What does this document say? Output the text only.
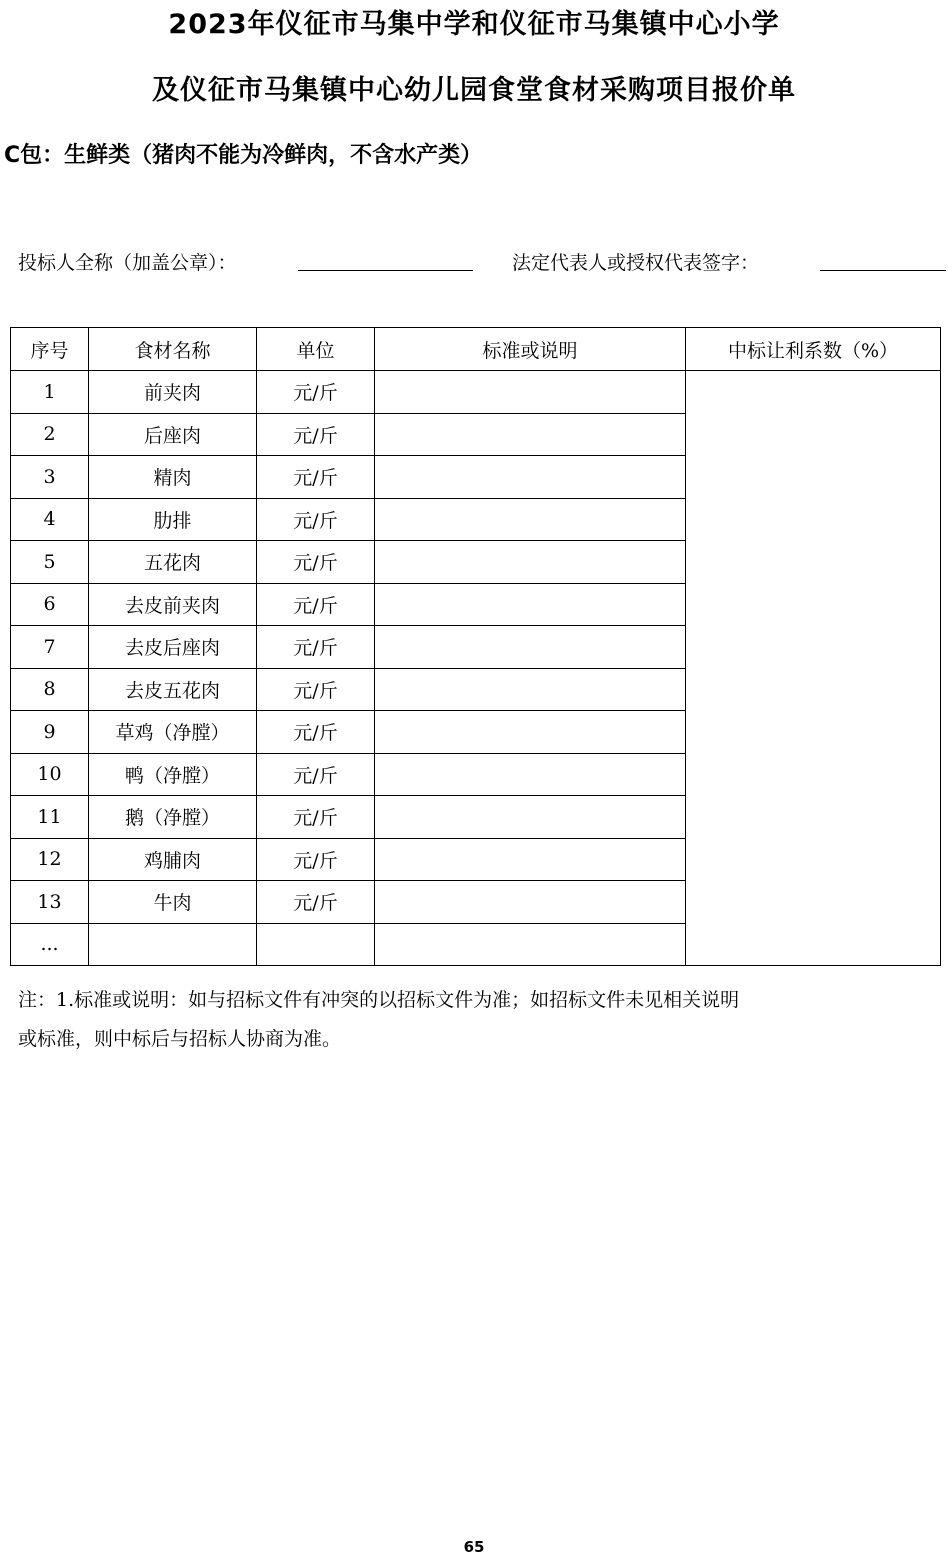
2023年仪征市马集中学和仪征市马集镇中心小学
及仪征市马集镇中心幼儿园食堂食材采购项目报价单
C包：生鲜类（猪肉不能为冷鲜肉，不含水产类）
投标人全称（加盖公章）：	法定代表人或授权代表签字：
序号	食材名称	单位	标准或说明	中标让利系数（%）
1	前夹肉	元/斤		
2	后座肉	元/斤		
3	精肉	元/斤		
4	肋排	元/斤		
5	五花肉	元/斤		
6	去皮前夹肉	元/斤		
7	去皮后座肉	元/斤		
8	去皮五花肉	元/斤		
9	草鸡（净膛）	元/斤		
10	鸭（净膛）	元/斤		
11	鹅（净膛）	元/斤		
12	鸡脯肉	元/斤		
13	牛肉	元/斤		
...				
注：1.标准或说明：如与招标文件有冲突的以招标文件为准；如招标文件未见相关说明
或标准，则中标后与招标人协商为准。
65
